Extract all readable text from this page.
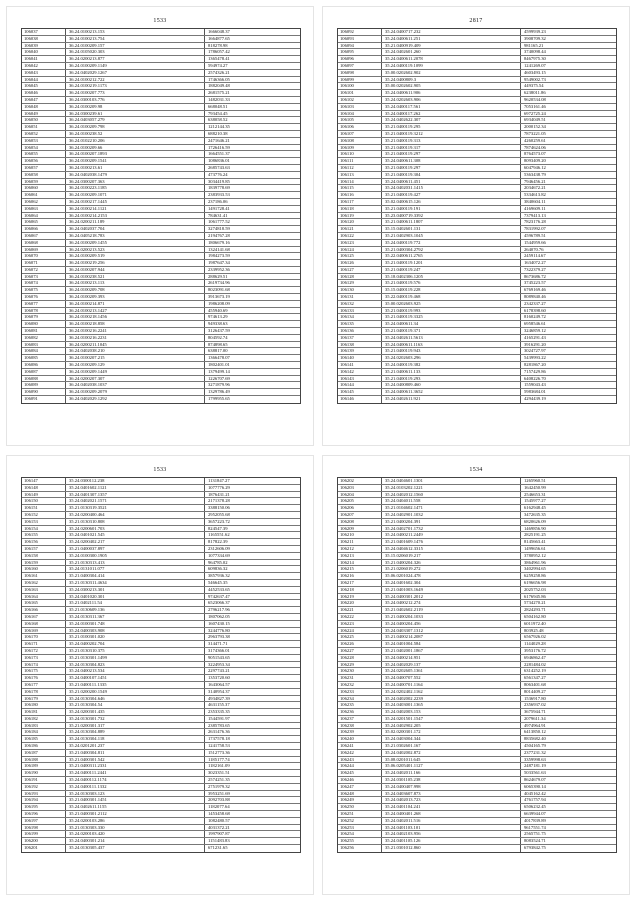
1533
106037	36.24.0100213.153	1666048.37
106038	36.24.0100213.754	1664877.65
106039	36.24.0100209.157	818278.98
106040	36.24.0105020.303	1786057.42
106041	36.24.0200213.877	1365478.41
106042	36.24.0100209.1149	594974.27
106043	36.24.0402029.1267	2574326.21
106044	36.24.0100212.722	1746366.05
106045	36.24.0100219.1173	1882049.48
106046	36.24.0100207.773	2681575.21
106047	36.24.0300103.776	1482031.33
106048	36.24.0100209.98	668048.51
106049	36.24.0300239.61	793454.45
106050	36.24.0403057.279	638058.52
106051	36.24.0100209.798	1212144.35
106052	36.24.0100238.52	688210.38
106053	36.24.0102210.206	2471646.21
106054	36.24.0100209.66	1726416.59
106055	36.24.0100207.1893	1664551.37
106056	36.24.0100209.1541	1086836.01
106057	36.24.0100213.61	2685743.63
106058	36.24.0402038.1479	473776.24
106059	36.24.0300207.363	3034419.85
106060	36.24.0100223.1185	1839778.69
106061	36.24.0100209.1071	2383933.53
106062	36.24.0100217.1445	237186.06
106063	36.24.0100214.1121	1491728.41
106064	36.24.0100214.2153	784631.41
106065	36.24.0200211.189	1061777.52
106066	36.24.0402037.704	3274818.59
106067	36.24.0405218.783	2194767.28
106068	36.24.0100209.1455	1806679.16
106069	36.24.0200213.523	1324141.68
106070	36.24.0100209.519	1984273.59
106071	36.24.0100219.256	1987647.34
106072	36.24.0100207.944	2339952.36
106073	36.24.0100238.521	288629.51
106074	36.24.0100213.113	2619734.96
106075	36.24.0100209.708	8023091.68
106076	36.24.0100209.393	3913673.19
106077	36.24.0100214.871	1986208.09
106078	36.24.0100213.1427	455940.69
106079	36.24.0100218.1456	974613.29
106080	36.24.0100218.858	949338.63
106081	36.24.0100216.2241	3126437.59
106082	36.24.0100216.2231	804592.74
106083	36.24.0200211.1045	874898.65
106084	36.24.0402038.210	638817.00
106085	36.24.0100207.215	1366478.07
106086	36.24.0100209.129	1802401.01
106087	36.24.0100209.1449	1379499.14
106088	36.24.0200207.307	1226707.69
106089	36.24.0402038.1037	3271879.96
106090	36.24.0100209.2079	1329786.49
106091	36.24.0402029.1292	1799955.65
2817
106092	35.24.0400717.232	4599939.23
106093	35.24.0400611.251	3908709.32
106094	35.21.0400919.409	981165.21
106095	35.24.0402601.260	3740098.44
106096	35.24.0400611.2078	8467975.30
106097	35.24.0400119.1099	1241269.07
106098	35.00.0202602.902	4603493.15
106099	35.24.0400809.3	9549002.73
106100	35.00.0202602.905	449375.54
106101	35.24.0400611.906	6238011.86
106102	35.24.0202603.906	9620534.08
106103	35.24.0400117.561	7053161.46
106104	35.24.0400117.262	6972725.24
106105	35.24.0402622.307	6934049.51
106106	35.21.0400119.295	2000152.34
106107	35.21.0400119.3212	7873221.05
106108	35.21.0400119.313	4260259.61
106109	35.21.0400119.317	7874624.06
106110	35.21.0400119.297	8764573.07
106111	35.24.0400611.308	8093409.20
106112	35.21.0400119.297	6047946.12
106113	35.21.0400119.304	5363438.79
106114	35.24.0400611.451	7946456.21
106115	35.24.0402031.1415	2034672.21
106116	35.21.0400119.427	5334613.82
106117	35.02.0400615.126	3840604.11
106118	35.21.0400119.191	4169609.11
106119	35.23.0400719.3392	7379413.13
106120	35.21.0400611.1807	7823176.28
106121	35.15.0402601.131	7831992.07
106122	35.21.0402903.1045	4596789.51
106123	35.24.0400119.772	1544959.66
106124	35.21.0400304.2792	264070.76
106125	35.22.0400611.2765	2459114.67
106126	35.21.0400119.1201	1634072.27
106127	35.21.0400119.247	7322379.27
106128	35.18.0402306.1205	8673686.72
106129	35.21.0400119.576	3745223.57
106130	35.15.0400119.228	6769169.46
106131	35.22.0400119.468	8089840.46
106132	35.00.0202603.925	2342337.27
106133	35.21.0400119.993	6178398.60
106134	35.21.0400119.3325	8160249.72
106135	35.24.0400611.34	6958546.61
106136	35.21.0400119.371	3246859.12
106137	35.24.0402611.5613	4165291.43
106138	35.24.0400611.1163	3916291.20
106139	35.21.0400119.943	3024727.97
106140	35.24.0202603.296	5439993.22
106141	35.24.0400119.382	8281867.20
106142	35.21.0400611.133	7157429.86
106143	35.21.0400119.293	6408226.70
106144	35.24.0400809.460	1559043.43
106145	35.24.0400611.3652	5983684.01
106146	35.24.0402611.921	4294439.19
1533
106147	35.24.0300112.238	1131847.27
106148	35.24.0401602.1121	1077776.29
106149	35.24.0401307.1357	1876431.21
106150	35.24.0402021.1571	2171378.28
106151	35.21.0130319.3521	3388150.06
106152	35.24.0200400.464	2952055.68
106153	35.21.0130310.808	3657223.72
106154	35.24.0200601.703	824547.39
106155	35.24.0401021.545	1165551.62
106156	35.24.0200402.217	817822.39
106157	35.21.0400037.897	2312606.09
106158	35.24.0100300.1905	1077334.69
106159	35.21.0130313.413	964785.02
106160	35.24.0131011.077	609836.32
106161	35.21.0400304.414	3857936.32
106162	35.21.0130311.4634	546645.35
106163	35.24.0300213.301	4452533.65
106164	35.24.0401020.301	9742637.47
106165	35.21.0402111.54	6523066.37
106166	35.21.0130609.136	2796217.96
106167	35.24.0130311.367	1807062.05
106168	35.24.0100301.748	1607430.15
106169	35.24.0400303.908	3244776.80
106170	35.21.0100301.020	2963793.38
106171	35.24.0400202.704	314471.71
106172	35.21.0130310.375	3174366.01
106173	35.21.0130301.1499	9051543.65
106174	35.24.0130304.823	3224953.34
106175	35.24.0400213.534	2297743.21
106176	35.24.0400107.1451	1353720.60
106177	35.21.0400111.1335	1643064.57
106178	35.21.0200200.1549	3140954.37
106179	35.24.0130304.646	4934827.39
106180	35.21.0130304.54	4631155.37
106181	35.24.0200301.435	2353335.35
106182	35.24.0130301.732	1544591.97
106183	35.21.0200301.317	2385783.65
106184	35.24.0130304.889	2631476.36
106185	35.24.0130304.118	1737578.18
106186	35.24.0201201.237	1241758.53
106187	35.21.0400304.811	1512773.36
106188	35.21.0400301.542	1185177.74
106189	35.21.0400311.2331	1182161.09
106190	35.24.0400111.2441	3023351.51
106191	35.24.0400112.1174	2574251.35
106192	35.24.0400111.1332	2751979.32
106193	35.24.0130303.123	3953251.69
106194	35.21.0400301.1451	2092703.88
106195	35.24.0402611.1155	1182077.64
106196	35.21.0400301.2112	1453458.68
106197	35.24.0200103.286	1082480.57
106198	35.21.0130303.330	4031372.21
106199	35.24.0200103.420	1997907.87
106200	35.24.0400301.214	1151483.83
106201	35.24.0130305.437	671231.65
1534
106202	35.24.0404601.1301	1265960.51
106203	35.24.0103202.1221	1642450.99
106204	35.24.0402012.1560	2546653.31
106205	35.24.0404011.558	1545977.27
106206	35.21.0104602.1471	6162948.45
106207	35.24.0402901.1032	3472635.35
106208	35.21.0400204.391	6820626.09
106209	35.24.0402701.1732	1469856.90
106210	35.24.0400211.2449	2825191.25
106211	35.21.0401609.1476	8145663.41
106212	35.24.0404612.3315	1499656.61
106213	35.15.0206019.217	3780952.12
106214	35.21.0400204.326	3864961.96
106215	35.21.0206019.272	3402994.65
106216	35.06.0201024.478	6259258.86
106217	35.24.0401602.304	6196656.98
106218	35.21.0401003.1649	2025752.03
106219	35.24.0400301.2012	6176945.86
106220	35.24.0400212.274	5734270.21
106221	35.21.0402602.2119	2824293.71
106222	35.21.0400204.1033	6504162.80
106223	35.24.0400204.456	6011972.40
106224	35.24.0403307.1312	803925.48
106225	35.21.0400214.2087	6567926.02
106226	35.24.0401004.584	1144029.28
106227	35.21.0402001.1867	3953176.72
106228	35.24.0400214.951	6946862.47
106229	35.24.0402029.137	2281484.02
106230	35.24.0202605.1361	6314252.19
106231	35.24.0400707.552	6561347.27
106232	35.24.0400701.1164	8063401.68
106233	35.24.0202402.1162	8014409.27
106234	35.24.0402002.2239	1536917.80
106235	35.24.0403001.1365	2356937.02
106236	35.24.0402003.153	3675944.71
106237	35.24.0201501.1547	2079611.34
106238	35.24.0402902.205	4974964.91
106239	35.02.0200301.172	6413850.12
106240	35.24.0403004.344	8835682.40
106241	35.21.0302601.167	4504165.79
106242	35.24.0402002.872	2377231.32
106243	35.08.0201011.645	3359998.63
106244	35.06.0205401.1127	2487181.19
106245	35.24.0402011.166	5033561.63
106246	35.24.0301105.238	8624679.07
106247	35.24.0400407.998	6065390.14
106248	35.24.0403607.873	4045162.42
106249	35.24.0402013.723	4761757.94
106250	35.24.0401104.241	6506232.45
106251	35.24.0400401.268	6639944.07
106252	35.24.0402011.516	4017839.89
106253	35.24.0401103.101	9617551.74
106254	35.24.0402103.956	2565751.75
106255	35.24.0401105.126	8083524.71
106256	35.21.0301012.860	6793842.75
